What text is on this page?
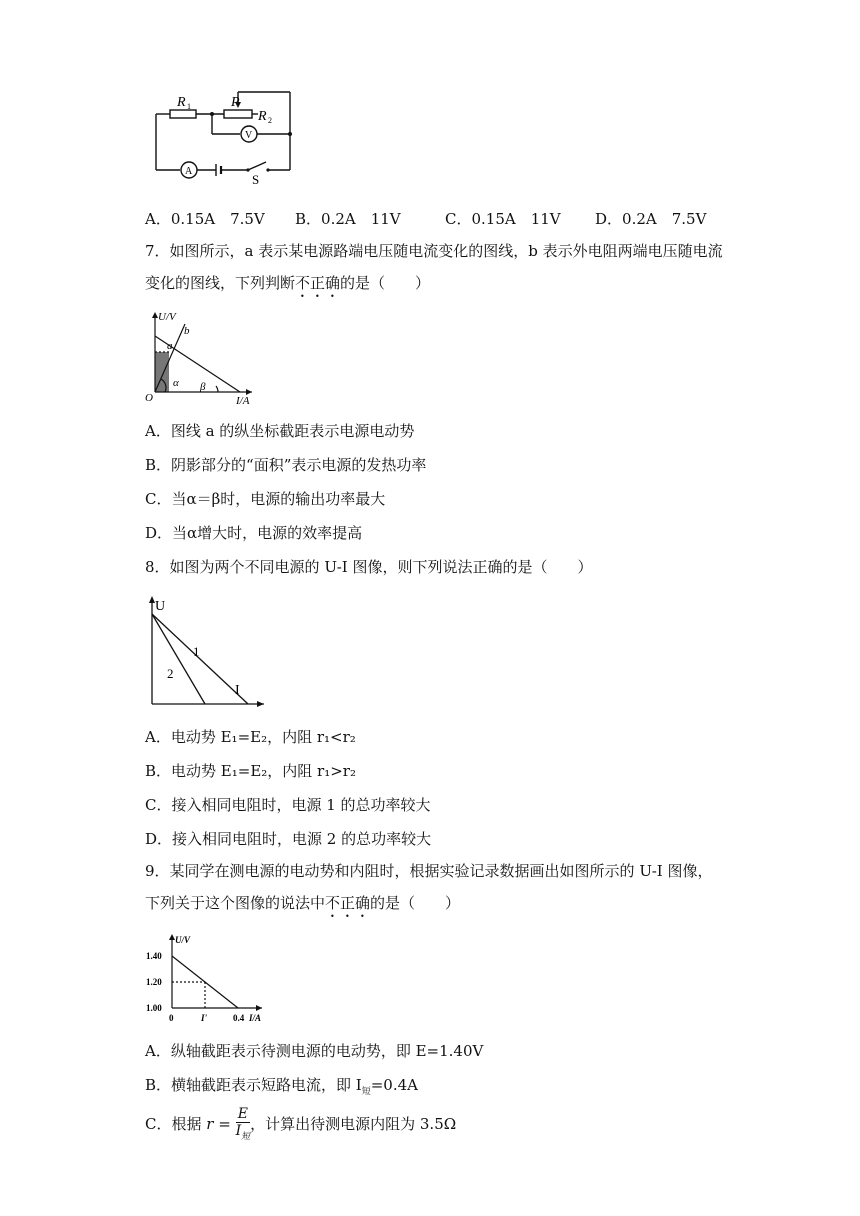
R 1	P
R 2
V
A
S
A．0.15A　7.5V B．0.2A　11V	C．0.15A　11V D．0.2A　7.5V
7．如图所示，a 表示某电源路端电压随电流变化的图线，b 表示外电阻两端电压随电流
变化的图线，下列判断不正确的是（　　）
U/V
I/A
O
a
b
α β
A．图线 a 的纵坐标截距表示电源电动势
B．阴影部分的“面积”表示电源的发热功率
C．当α＝β时，电源的输出功率最大
D．当α增大时，电源的效率提高
8．如图为两个不同电源的 U-I 图像，则下列说法正确的是（　　）
U
I
1
2
A．电动势 E₁=E₂，内阻 r₁<r₂
B．电动势 E₁=E₂，内阻 r₁>r₂
C．接入相同电阻时，电源 1 的总功率较大
D．接入相同电阻时，电源 2 的总功率较大
9．某同学在测电源的电动势和内阻时，根据实验记录数据画出如图所示的 U-I 图像，
下列关于这个图像的说法中不正确的是（　　）
U/V
1.40
1.20
1.00
0	I'	0.4 I/A
A．纵轴截距表示待测电源的电动势，即 E=1.40V
B．横轴截距表示短路电流，即 $I_短=0.4A$
C．根据 $r = \frac{E}{I_短}$ ，计算出待测电源内阻为 3.5Ω
